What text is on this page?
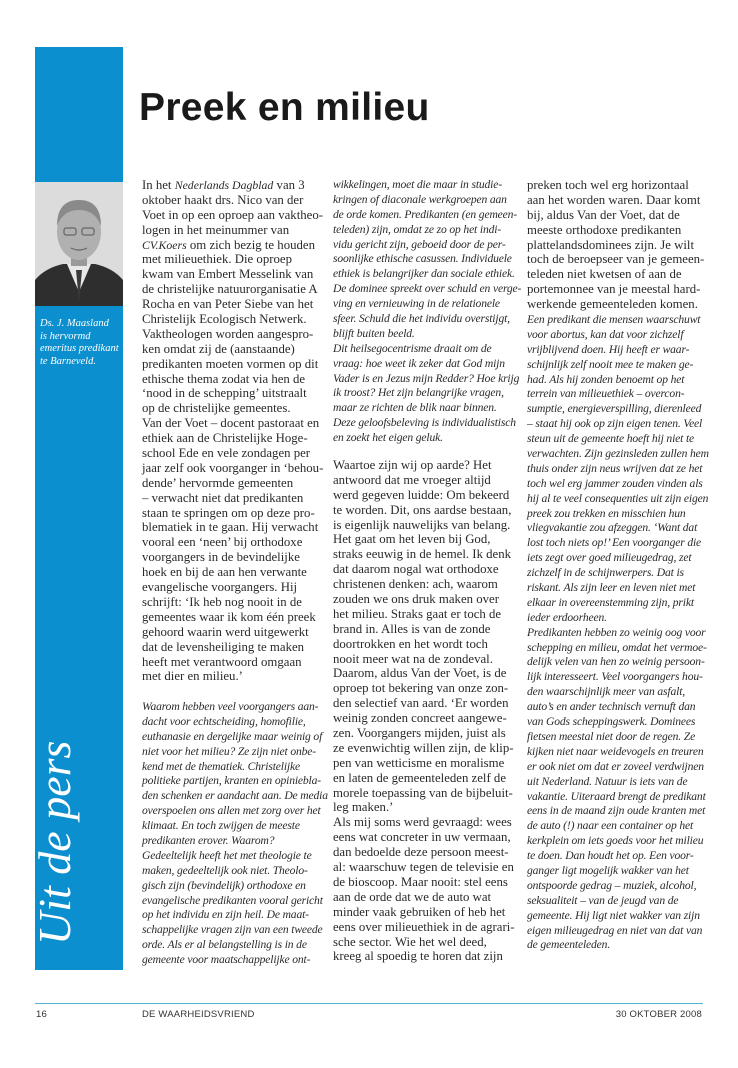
Ds. J. Maasland
is hervormd
emeritus predikant
te Barneveld.
Uit de pers
Preek en milieu
In het Nederlands Dagblad van 3
oktober haakt drs. Nico van der
Voet in op een oproep aan vaktheo-
logen in het meinummer van
CV.Koers om zich bezig te houden
met milieuethiek. Die oproep
kwam van Embert Messelink van
de christelijke natuurorganisatie A
Rocha en van Peter Siebe van het
Christelijk Ecologisch Netwerk.
Vaktheologen worden aangespro-
ken omdat zij de (aanstaande)
predikanten moeten vormen op dit
ethische thema zodat via hen de
‘nood in de schepping’ uitstraalt
op de christelijke gemeentes.
Van der Voet – docent pastoraat en
ethiek aan de Christelijke Hoge-
school Ede en vele zondagen per
jaar zelf ook voorganger in ‘behou-
dende’ hervormde gemeenten
– verwacht niet dat predikanten
staan te springen om op deze pro-
blematiek in te gaan. Hij verwacht
vooral een ‘neen’ bij orthodoxe
voorgangers in de bevindelijke
hoek en bij de aan hen verwante
evangelische voorgangers. Hij
schrijft: ‘Ik heb nog nooit in de
gemeentes waar ik kom één preek
gehoord waarin werd uitgewerkt
dat de levensheiliging te maken
heeft met verantwoord omgaan
met dier en milieu.’
Waarom hebben veel voorgangers aan-
dacht voor echtscheiding, homofilie,
euthanasie en dergelijke maar weinig of
niet voor het milieu? Ze zijn niet onbe-
kend met de thematiek. Christelijke
politieke partijen, kranten en opiniebla-
den schenken er aandacht aan. De media
overspoelen ons allen met zorg over het
klimaat. En toch zwijgen de meeste
predikanten erover. Waarom?
Gedeeltelijk heeft het met theologie te
maken, gedeeltelijk ook niet. Theolo-
gisch zijn (bevindelijk) orthodoxe en
evangelische predikanten vooral gericht
op het individu en zijn heil. De maat-
schappelijke vragen zijn van een tweede
orde. Als er al belangstelling is in de
gemeente voor maatschappelijke ont-
wikkelingen, moet die maar in studie-
kringen of diaconale werkgroepen aan
de orde komen. Predikanten (en gemeen-
teleden) zijn, omdat ze zo op het indi-
vidu gericht zijn, geboeid door de per-
soonlijke ethische casussen. Individuele
ethiek is belangrijker dan sociale ethiek.
De dominee spreekt over schuld en verge-
ving en vernieuwing in de relationele
sfeer. Schuld die het individu overstijgt,
blijft buiten beeld.
Dit heilsegocentrisme draait om de
vraag: hoe weet ik zeker dat God mijn
Vader is en Jezus mijn Redder? Hoe krijg
ik troost? Het zijn belangrijke vragen,
maar ze richten de blik naar binnen.
Deze geloofsbeleving is individualistisch
en zoekt het eigen geluk.
Waartoe zijn wij op aarde? Het
antwoord dat me vroeger altijd
werd gegeven luidde: Om bekeerd
te worden. Dit, ons aardse bestaan,
is eigenlijk nauwelijks van belang.
Het gaat om het leven bij God,
straks eeuwig in de hemel. Ik denk
dat daarom nogal wat orthodoxe
christenen denken: ach, waarom
zouden we ons druk maken over
het milieu. Straks gaat er toch de
brand in. Alles is van de zonde
doortrokken en het wordt toch
nooit meer wat na de zondeval.
Daarom, aldus Van der Voet, is de
oproep tot bekering van onze zon-
den selectief van aard. ‘Er worden
weinig zonden concreet aangewe-
zen. Voorgangers mijden, juist als
ze evenwichtig willen zijn, de klip-
pen van wetticisme en moralisme
en laten de gemeenteleden zelf de
morele toepassing van de bijbeluit-
leg maken.’
Als mij soms werd gevraagd: wees
eens wat concreter in uw vermaan,
dan bedoelde deze persoon meest-
al: waarschuw tegen de televisie en
de bioscoop. Maar nooit: stel eens
aan de orde dat we de auto wat
minder vaak gebruiken of heb het
eens over milieuethiek in de agrari-
sche sector. Wie het wel deed,
kreeg al spoedig te horen dat zijn
preken toch wel erg horizontaal
aan het worden waren. Daar komt
bij, aldus Van der Voet, dat de
meeste orthodoxe predikanten
plattelandsdominees zijn. Je wilt
toch de beroepseer van je gemeen-
teleden niet kwetsen of aan de
portemonnee van je meestal hard-
werkende gemeenteleden komen.
Een predikant die mensen waarschuwt
voor abortus, kan dat voor zichzelf
vrijblijvend doen. Hij heeft er waar-
schijnlijk zelf nooit mee te maken ge-
had. Als hij zonden benoemt op het
terrein van milieuethiek – overcon-
sumptie, energieverspilling, dierenleed
– staat hij ook op zijn eigen tenen. Veel
steun uit de gemeente hoeft hij niet te
verwachten. Zijn gezinsleden zullen hem
thuis onder zijn neus wrijven dat ze het
toch wel erg jammer zouden vinden als
hij al te veel consequenties uit zijn eigen
preek zou trekken en misschien hun
vliegvakantie zou afzeggen. ‘Want dat
lost toch niets op!’ Een voorganger die
iets zegt over goed milieugedrag, zet
zichzelf in de schijnwerpers. Dat is
riskant. Als zijn leer en leven niet met
elkaar in overeenstemming zijn, prikt
ieder erdoorheen.
Predikanten hebben zo weinig oog voor
schepping en milieu, omdat het vermoe-
delijk velen van hen zo weinig persoon-
lijk interesseert. Veel voorgangers hou-
den waarschijnlijk meer van asfalt,
auto’s en ander technisch vernuft dan
van Gods scheppingswerk. Dominees
fietsen meestal niet door de regen. Ze
kijken niet naar weidevogels en treuren
er ook niet om dat er zoveel verdwijnen
uit Nederland. Natuur is iets van de
vakantie. Uiteraard brengt de predikant
eens in de maand zijn oude kranten met
de auto (!) naar een container op het
kerkplein om iets goeds voor het milieu
te doen. Dan houdt het op. Een voor-
ganger ligt mogelijk wakker van het
ontspoorde gedrag – muziek, alcohol,
seksualiteit – van de jeugd van de
gemeente. Hij ligt niet wakker van zijn
eigen milieugedrag en niet van dat van
de gemeenteleden.
16	DE WAARHEIDSVRIEND	30 OKTOBER 2008
